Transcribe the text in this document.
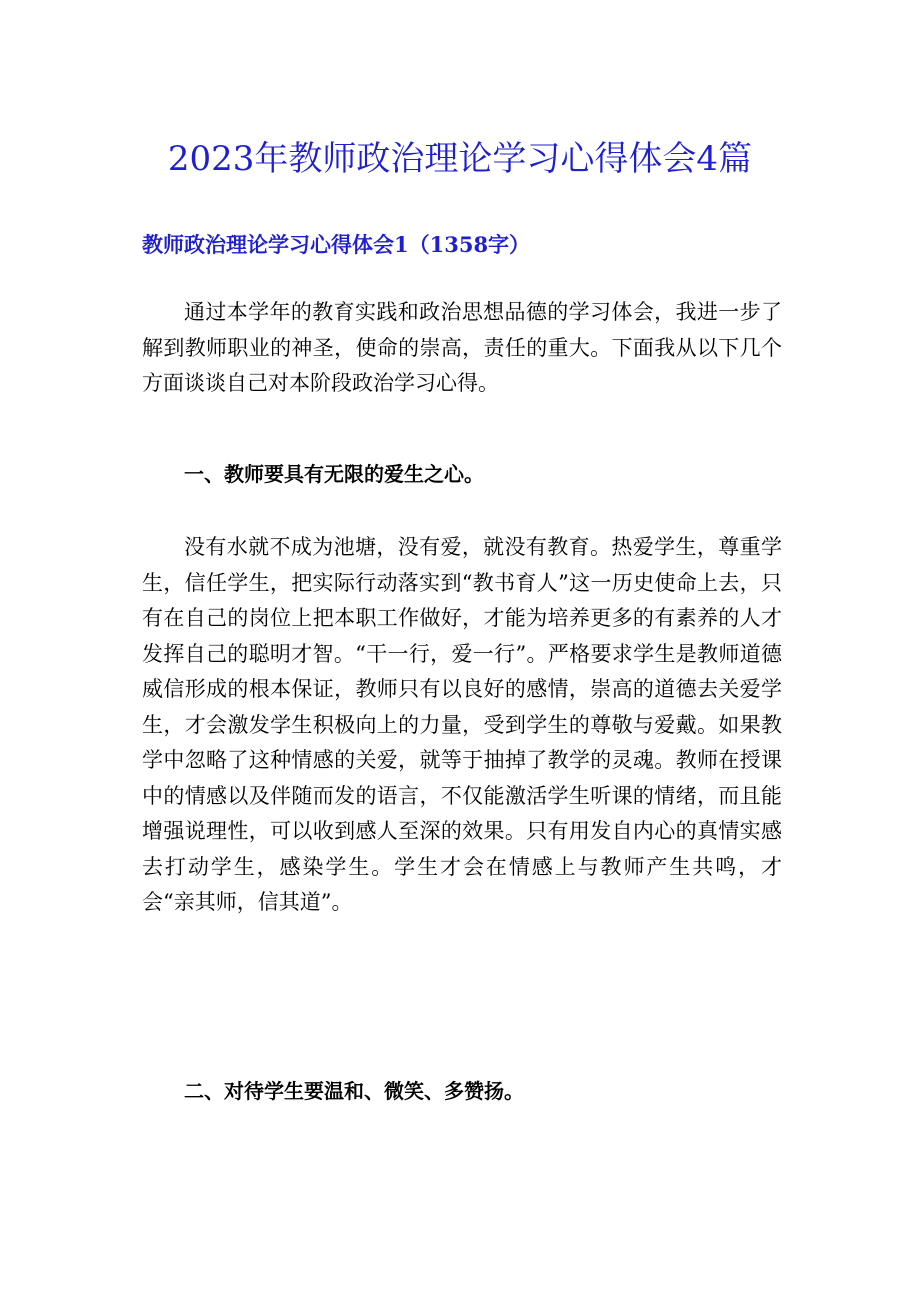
2023年教师政治理论学习心得体会4篇
教师政治理论学习心得体会1（1358字）

通过本学年的教育实践和政治思想品德的学习体会，我进一步了解到教师职业的神圣，使命的崇高，责任的重大。下面我从以下几个方面谈谈自己对本阶段政治学习心得。

一、教师要具有无限的爱生之心。

没有水就不成为池塘，没有爱，就没有教育。热爱学生，尊重学生，信任学生，把实际行动落实到“教书育人”这一历史使命上去，只有在自己的岗位上把本职工作做好，才能为培养更多的有素养的人才发挥自己的聪明才智。“干一行，爱一行”。严格要求学生是教师道德威信形成的根本保证，教师只有以良好的感情，崇高的道德去关爱学生，才会激发学生积极向上的力量，受到学生的尊敬与爱戴。如果教学中忽略了这种情感的关爱，就等于抽掉了教学的灵魂。教师在授课中的情感以及伴随而发的语言，不仅能激活学生听课的情绪，而且能增强说理性，可以收到感人至深的效果。只有用发自内心的真情实感去打动学生，感染学生。学生才会在情感上与教师产生共鸣，才会“亲其师，信其道”。

二、对待学生要温和、微笑、多赞扬。
